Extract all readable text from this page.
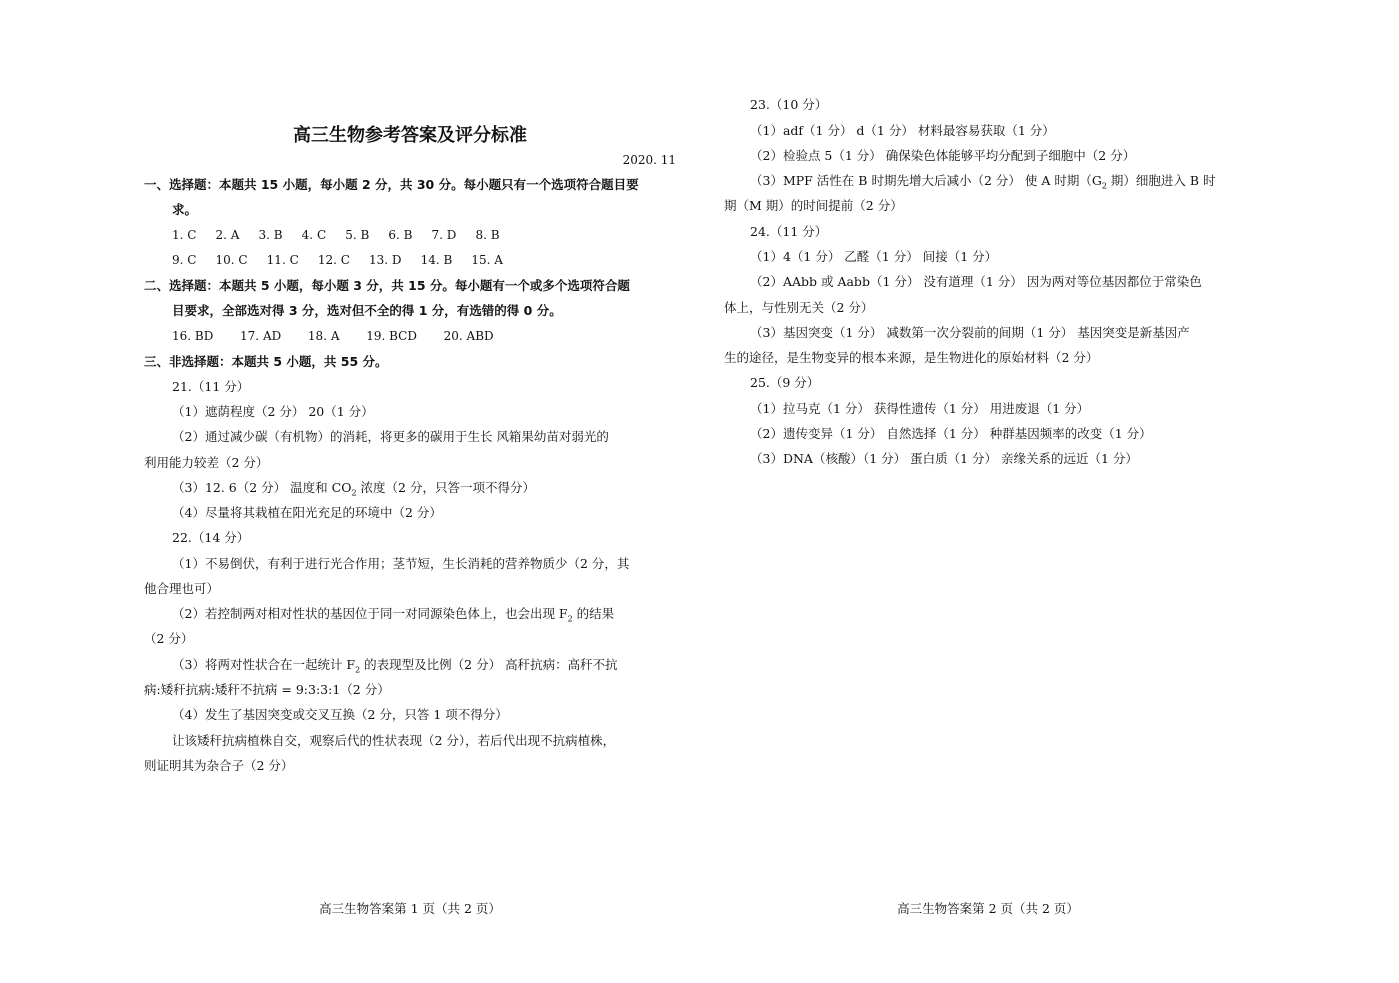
高三生物参考答案及评分标准
2020. 11
一、选择题：本题共 15 小题，每小题 2 分，共 30 分。每小题只有一个选项符合题目要
求。
1. C     2. A     3. B     4. C     5. B     6. B     7. D     8. B
9. C     10. C     11. C     12. C     13. D     14. B     15. A
二、选择题：本题共 5 小题，每小题 3 分，共 15 分。每小题有一个或多个选项符合题
目要求，全部选对得 3 分，选对但不全的得 1 分，有选错的得 0 分。
16. BD       17. AD       18. A       19. BCD       20. ABD
三、非选择题：本题共 5 小题，共 55 分。
21.（11 分）
（1）遮荫程度（2 分） 20（1 分）
（2）通过减少碳（有机物）的消耗，将更多的碳用于生长 风箱果幼苗对弱光的
利用能力较差（2 分）
（3）12. 6（2 分） 温度和 $CO_2$ 浓度（2 分，只答一项不得分）
（4）尽量将其栽植在阳光充足的环境中（2 分）
22.（14 分）
（1）不易倒伏，有利于进行光合作用；茎节短，生长消耗的营养物质少（2 分，其
他合理也可）
（2）若控制两对相对性状的基因位于同一对同源染色体上，也会出现 $F_2$ 的结果
（2 分）
（3）将两对性状合在一起统计 $F_2$ 的表现型及比例（2 分） 高秆抗病：高秆不抗
病:矮秆抗病:矮秆不抗病 = 9:3:3:1（2 分）
（4）发生了基因突变或交叉互换（2 分，只答 1 项不得分）
让该矮秆抗病植株自交，观察后代的性状表现（2 分），若后代出现不抗病植株，
则证明其为杂合子（2 分）
高三生物答案第 1 页（共 2 页）
23.（10 分）
（1）adf（1 分） d（1 分） 材料最容易获取（1 分）
（2）检验点 5（1 分） 确保染色体能够平均分配到子细胞中（2 分）
（3）MPF 活性在 B 时期先增大后减小（2 分） 使 A 时期（$G_2$ 期）细胞进入 B 时
期（M 期）的时间提前（2 分）
24.（11 分）
（1）4（1 分） 乙醛（1 分） 间接（1 分）
（2）AAbb 或 Aabb（1 分） 没有道理（1 分） 因为两对等位基因都位于常染色
体上，与性别无关（2 分）
（3）基因突变（1 分） 减数第一次分裂前的间期（1 分） 基因突变是新基因产
生的途径，是生物变异的根本来源，是生物进化的原始材料（2 分）
25.（9 分）
（1）拉马克（1 分） 获得性遗传（1 分） 用进废退（1 分）
（2）遗传变异（1 分） 自然选择（1 分） 种群基因频率的改变（1 分）
（3）DNA（核酸）（1 分） 蛋白质（1 分） 亲缘关系的远近（1 分）
高三生物答案第 2 页（共 2 页）
